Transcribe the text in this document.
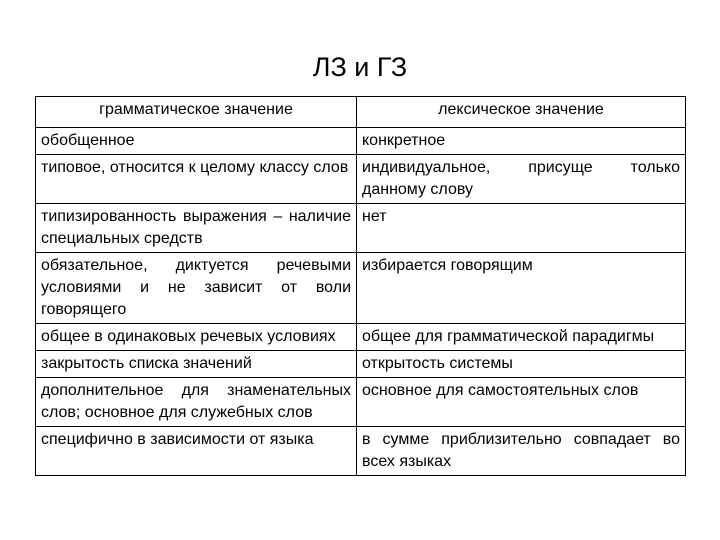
ЛЗ и ГЗ
грамматическое значение	лексическое значение
обобщенное	конкретное
типовое, относится к целому классу слов	индивидуальное, присуще только данному слову
типизированность выражения – наличие специальных средств	нет
обязательное, диктуется речевыми условиями и не зависит от воли говорящего	избирается говорящим
общее в одинаковых речевых условиях	общее для грамматической парадигмы
закрытость списка значений	открытость системы
дополнительное для знаменательных слов; основное для служебных слов	основное для самостоятельных слов
специфично в зависимости от языка	в сумме приблизительно совпадает во всех языках
